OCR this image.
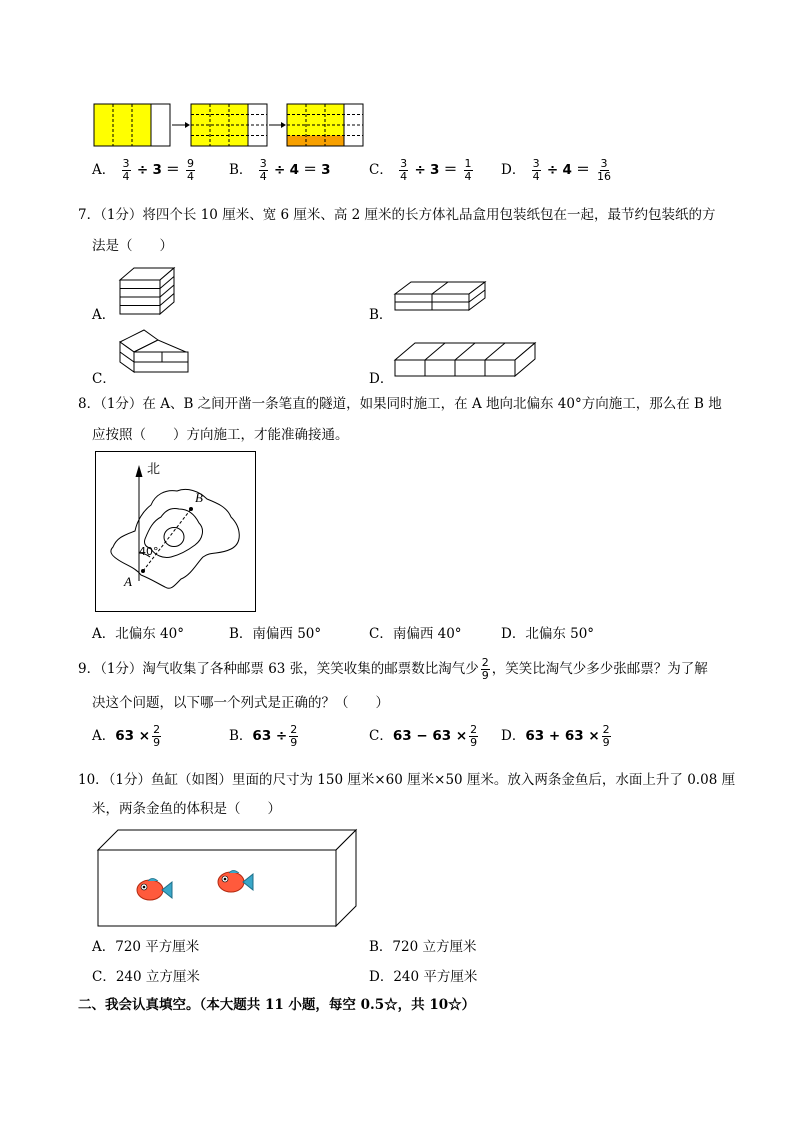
A． $\frac{3}{4} \div 3 = \frac{9}{4}$	B． $\frac{3}{4} \div 4 = 3$	C． $\frac{3}{4} \div 3 = \frac{1}{4}$ D． $\frac{3}{4} \div 4 = \frac{3}{16}$
7．（1分）将四个长 10 厘米、宽 6 厘米、高 2 厘米的长方体礼品盒用包装纸包在一起，最节约包装纸的方
法是（　　）
A．	B．
C．	D．
8．（1分）在 A、B 之间开凿一条笔直的隧道，如果同时施工，在 A 地向北偏东 40°方向施工，那么在 B 地
应按照（　　）方向施工，才能准确接通。
北
B
A
40°
A．北偏东 40°	B．南偏西 50°	C．南偏西 40°	D．北偏东 50°
9．（1分）淘气收集了各种邮票 63 张，笑笑收集的邮票数比淘气少 $\frac{2}{9}$ ，笑笑比淘气少多少张邮票？为了解
决这个问题，以下哪一个列式是正确的？（　　）
A．$63 \times \frac{2}{9}$	B．$63 \div \frac{2}{9}$	C．$63 - 63 \times \frac{2}{9}$ D．$63 + 63 \times \frac{2}{9}$
10．（1分）鱼缸（如图）里面的尺寸为 150 厘米×60 厘米×50 厘米。放入两条金鱼后，水面上升了 0.08 厘
米，两条金鱼的体积是（　　）
A．720 平方厘米	B．720 立方厘米
C．240 立方厘米	D．240 平方厘米
二、我会认真填空。（本大题共 11 小题，每空 0.5☆，共 10☆）
